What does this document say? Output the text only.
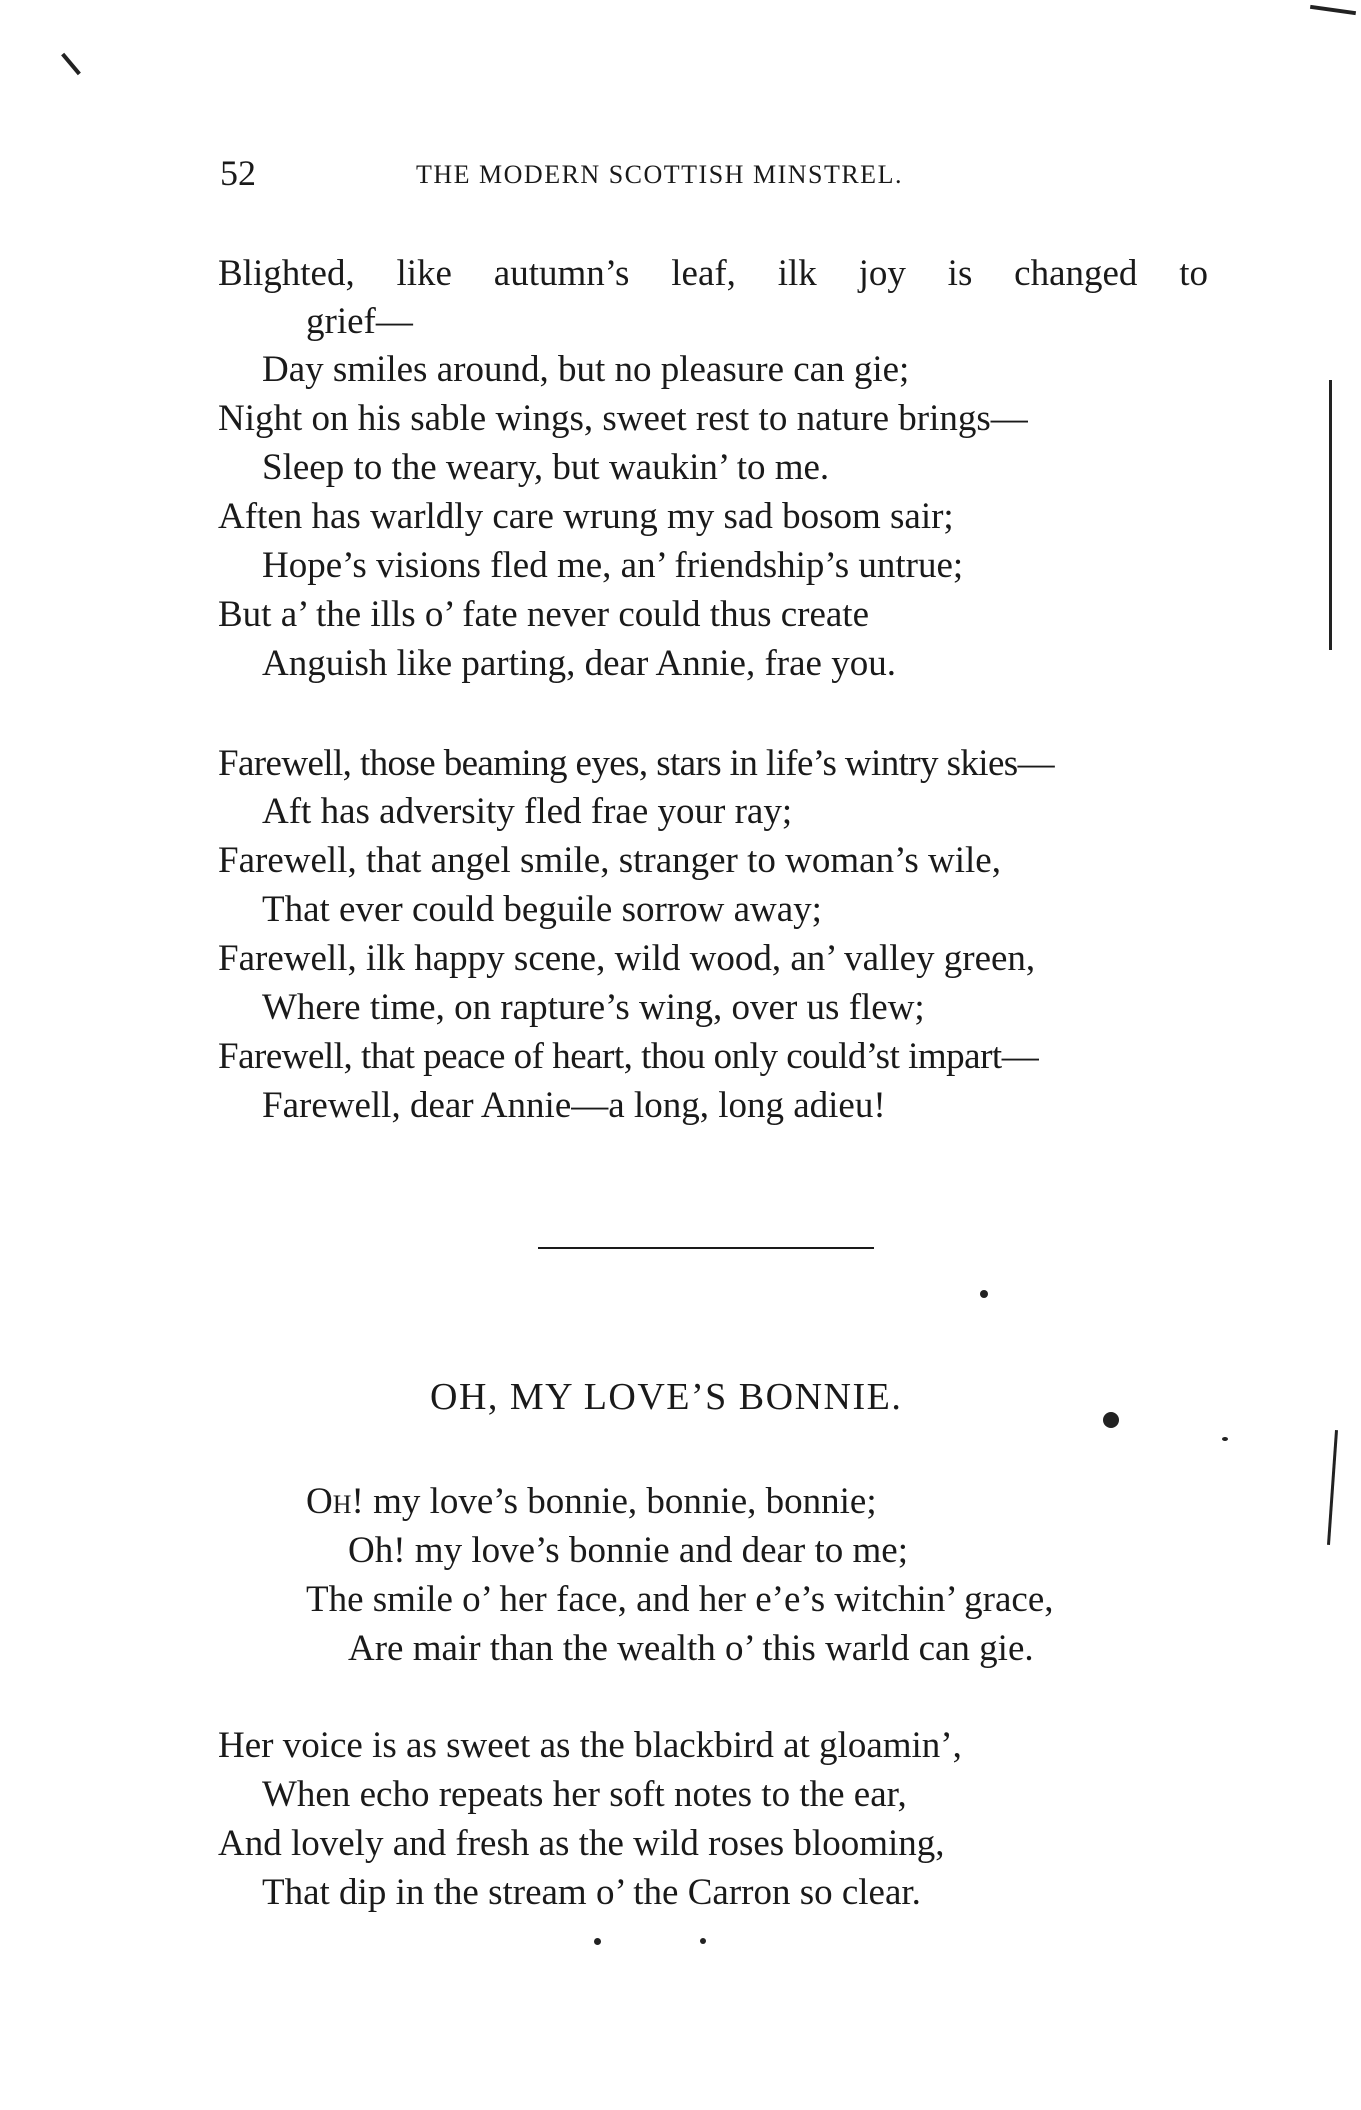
52	THE MODERN SCOTTISH MINSTREL.
Blighted, like autumn’s leaf, ilk joy is changed to
grief—
Day smiles around, but no pleasure can gie;
Night on his sable wings, sweet rest to nature brings—
Sleep to the weary, but waukin’ to me.
Aften has warldly care wrung my sad bosom sair;
Hope’s visions fled me, an’ friendship’s untrue;
But a’ the ills o’ fate never could thus create
Anguish like parting, dear Annie, frae you.
Farewell, those beaming eyes, stars in life’s wintry skies—
Aft has adversity fled frae your ray;
Farewell, that angel smile, stranger to woman’s wile,
That ever could beguile sorrow away;
Farewell, ilk happy scene, wild wood, an’ valley green,
Where time, on rapture’s wing, over us flew;
Farewell, that peace of heart, thou only could’st impart—
Farewell, dear Annie—a long, long adieu!
OH, MY LOVE’S BONNIE.
Oh! my love’s bonnie, bonnie, bonnie;
Oh! my love’s bonnie and dear to me;
The smile o’ her face, and her e’e’s witchin’ grace,
Are mair than the wealth o’ this warld can gie.
Her voice is as sweet as the blackbird at gloamin’,
When echo repeats her soft notes to the ear,
And lovely and fresh as the wild roses blooming,
That dip in the stream o’ the Carron so clear.
